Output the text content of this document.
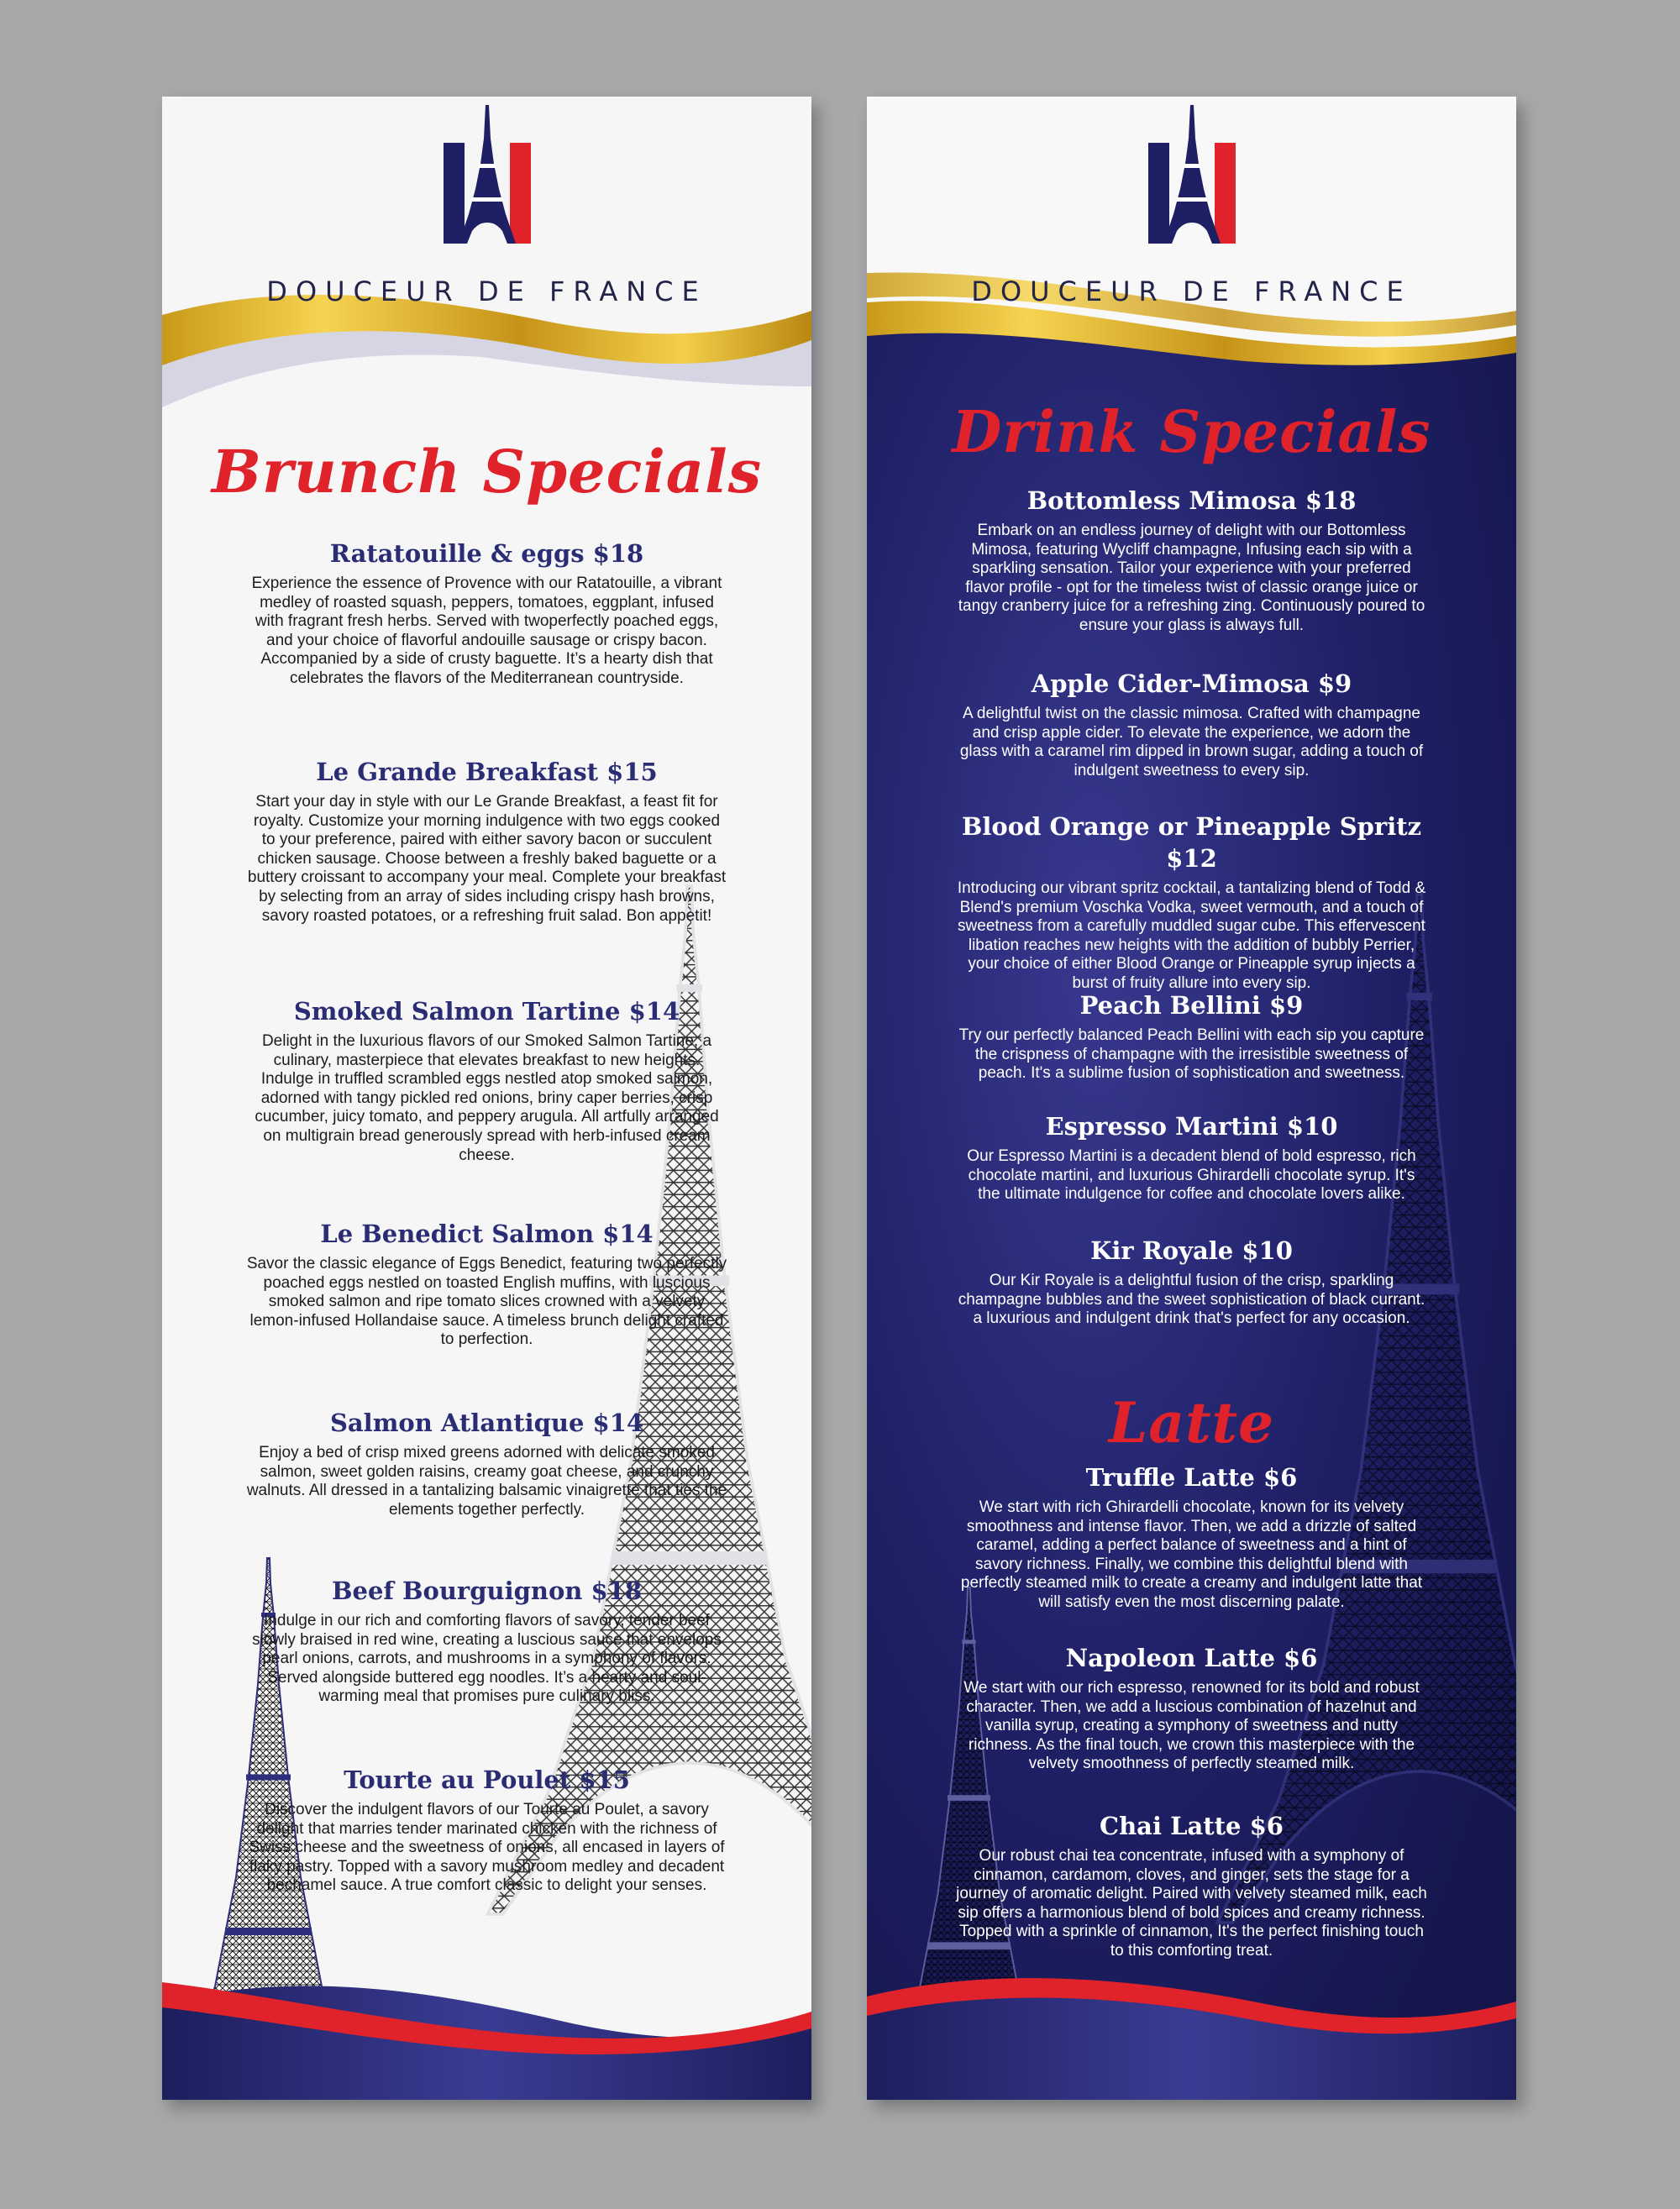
DOUCEUR DE FRANCE
Brunch Specials
Ratatouille & eggs $18

Experience the essence of Provence with our Ratatouille, a vibrant medley of roasted squash, peppers, tomatoes, eggplant, infused with fragrant fresh herbs. Served with twoperfectly poached eggs, and your choice of flavorful andouille sausage or crispy bacon. Accompanied by a side of crusty baguette. It’s a hearty dish that celebrates the flavors of the Mediterranean countryside.

Le Grande Breakfast $15

Start your day in style with our Le Grande Breakfast, a feast fit for royalty. Customize your morning indulgence with two eggs cooked to your preference, paired with either savory bacon or succulent chicken sausage. Choose between a freshly baked baguette or a buttery croissant to accompany your meal. Complete your breakfast by selecting from an array of sides including crispy hash browns, savory roasted potatoes, or a refreshing fruit salad. Bon appetit!

Smoked Salmon Tartine $14

Delight in the luxurious flavors of our Smoked Salmon Tartine, a culinary, masterpiece that elevates breakfast to new heights. Indulge in truffled scrambled eggs nestled atop smoked salmon, adorned with tangy pickled red onions, briny caper berries, crisp cucumber, juicy tomato, and peppery arugula. All artfully arranged on multigrain bread generously spread with herb-infused cream cheese.

Le Benedict Salmon $14

Savor the classic elegance of Eggs Benedict, featuring two perfectly poached eggs nestled on toasted English muffins, with luscious smoked salmon and ripe tomato slices crowned with a velvety lemon-infused Hollandaise sauce. A timeless brunch delight crafted to perfection.

Salmon Atlantique $14

Enjoy a bed of crisp mixed greens adorned with delicate smoked salmon, sweet golden raisins, creamy goat cheese, and crunchy walnuts. All dressed in a tantalizing balsamic vinaigrette that ties the elements together perfectly.

Beef Bourguignon $18

Indulge in our rich and comforting flavors of savory, tender beef slowly braised in red wine, creating a luscious sauce that envelops pearl onions, carrots, and mushrooms in a symphony of flavors. Served alongside buttered egg noodles. It’s a hearty and soul-warming meal that promises pure culinary bliss.

Tourte au Poulet $15

Discover the indulgent flavors of our Tourte au Poulet, a savory delight that marries tender marinated chicken with the richness of Swiss cheese and the sweetness of onions, all encased in layers of flaky pastry. Topped with a savory mushroom medley and decadent bechamel sauce. A true comfort classic to delight your senses.

DOUCEUR DE FRANCE
Drink Specials
Bottomless Mimosa $18

Embark on an endless journey of delight with our Bottomless Mimosa, featuring Wycliff champagne, Infusing each sip with a sparkling sensation. Tailor your experience with your preferred flavor profile - opt for the timeless twist of classic orange juice or tangy cranberry juice for a refreshing zing. Continuously poured to ensure your glass is always full.

Apple Cider-Mimosa $9

A delightful twist on the classic mimosa. Crafted with champagne and crisp apple cider. To elevate the experience, we adorn the glass with a caramel rim dipped in brown sugar, adding a touch of indulgent sweetness to every sip.

Blood Orange or Pineapple Spritz $12

Introducing our vibrant spritz cocktail, a tantalizing blend of Todd & Blend's premium Voschka Vodka, sweet vermouth, and a touch of sweetness from a carefully muddled sugar cube. This effervescent libation reaches new heights with the addition of bubbly Perrier, your choice of either Blood Orange or Pineapple syrup injects a burst of fruity allure into every sip.

Peach Bellini $9

Try our perfectly balanced Peach Bellini with each sip you capture the crispness of champagne with the irresistible sweetness of peach. It's a sublime fusion of sophistication and sweetness.

Espresso Martini $10

Our Espresso Martini is a decadent blend of bold espresso, rich chocolate martini, and luxurious Ghirardelli chocolate syrup. It's the ultimate indulgence for coffee and chocolate lovers alike.

Kir Royale $10

Our Kir Royale is a delightful fusion of the crisp, sparkling champagne bubbles and the sweet sophistication of black currant. a luxurious and indulgent drink that's perfect for any occasion.

Latte
Truffle Latte $6

We start with rich Ghirardelli chocolate, known for its velvety smoothness and intense flavor. Then, we add a drizzle of salted caramel, adding a perfect balance of sweetness and a hint of savory richness. Finally, we combine this delightful blend with perfectly steamed milk to create a creamy and indulgent latte that will satisfy even the most discerning palate.

Napoleon Latte $6

We start with our rich espresso, renowned for its bold and robust character. Then, we add a luscious combination of hazelnut and vanilla syrup, creating a symphony of sweetness and nutty richness. As the final touch, we crown this masterpiece with the velvety smoothness of perfectly steamed milk.

Chai Latte $6

Our robust chai tea concentrate, infused with a symphony of cinnamon, cardamom, cloves, and ginger, sets the stage for a journey of aromatic delight. Paired with velvety steamed milk, each sip offers a harmonious blend of bold spices and creamy richness. Topped with a sprinkle of cinnamon, It's the perfect finishing touch to this comforting treat.
